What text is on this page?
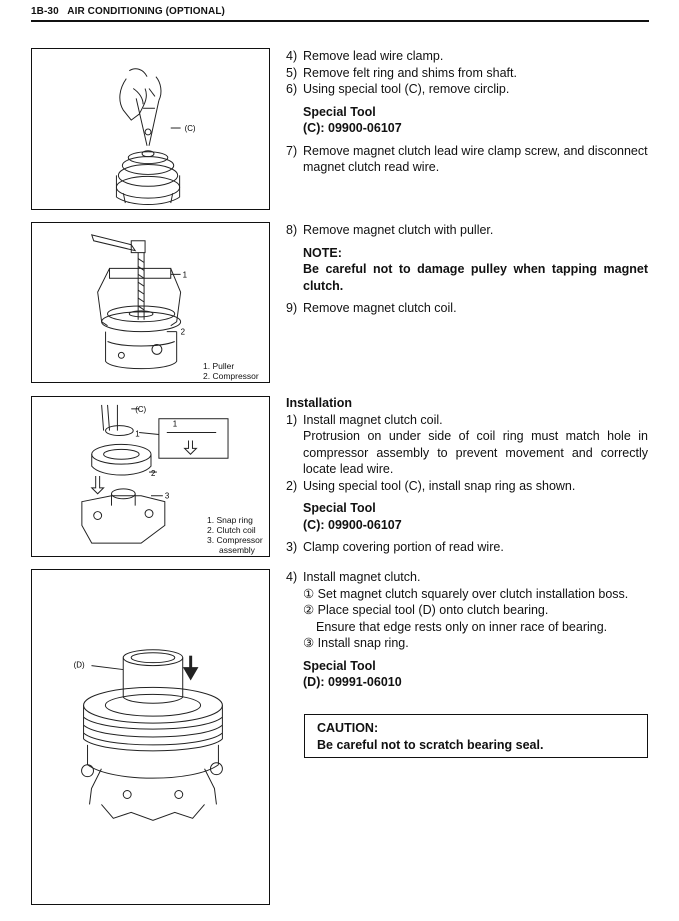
1B-30 AIR CONDITIONING (OPTIONAL)
(C)
1
2
1. Puller
2. Compressor
(C)
1
1
2
3
1. Snap ring
2. Clutch coil
3. Compressor
assembly
(D)
4) Remove lead wire clamp.
5) Remove felt ring and shims from shaft.
6) Using special tool (C), remove circlip.
Special Tool
(C): 09900-06107
7) Remove magnet clutch lead wire clamp screw, and disconnect
magnet clutch read wire.
8) Remove magnet clutch with puller.
NOTE:
Be careful not to damage pulley when tapping magnet clutch.
9) Remove magnet clutch coil.
Installation
1) Install magnet clutch coil.
Protrusion on under side of coil ring must match hole in compressor assembly to prevent movement and correctly locate lead wire.
2) Using special tool (C), install snap ring as shown.
Special Tool
(C): 09900-06107
3) Clamp covering portion of read wire.
4) Install magnet clutch.
① Set magnet clutch squarely over clutch installation boss.
② Place special tool (D) onto clutch bearing.
Ensure that edge rests only on inner race of bearing.
③ Install snap ring.
Special Tool
(D): 09991-06010
CAUTION:
Be careful not to scratch bearing seal.
